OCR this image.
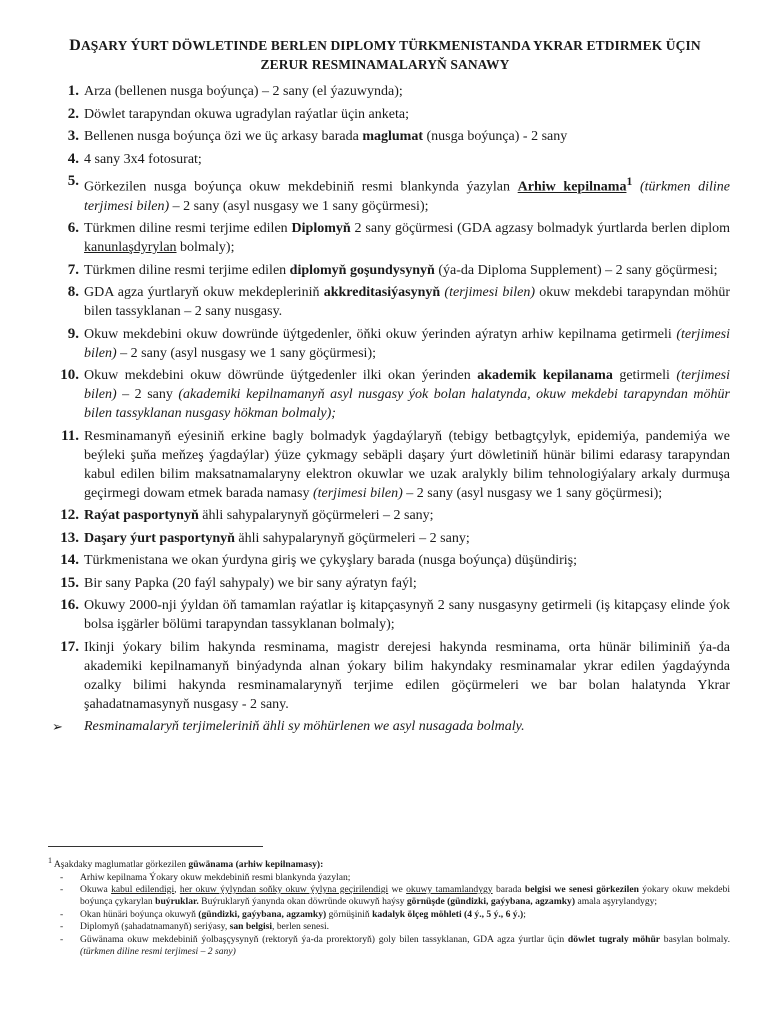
DAŞARY ÝURT DÖWLETINDE BERLEN DIPLOMY TÜRKMENISTANDA YKRAR ETDIRMEK ÜÇIN
ZERUR RESMINAMALARYŇ SANAWY
1. Arza (bellenen nusga boýunça) – 2 sany (el ýazuwynda);
2. Döwlet tarapyndan okuwa ugradylan raýatlar üçin anketa;
3. Bellenen nusga boýunça özi we üç arkasy barada maglumat (nusga boýunça) - 2 sany
4. 4 sany 3x4 fotosurat;
5. Görkezilen nusga boýunça okuw mekdebiniň resmi blankynda ýazylan Arhiw kepilnama$^1$ (türkmen diline terjimesi bilen) – 2 sany (asyl nusgasy we 1 sany göçürmesi);
6. Türkmen diline resmi terjime edilen Diplomyň 2 sany göçürmesi (GDA agzasy bolmadyk ýurtlarda berlen diplom kanunlaşdyrylan bolmaly);
7. Türkmen diline resmi terjime edilen diplomyň goşundysynyň (ýa-da Diploma Supplement) – 2 sany göçürmesi;
8. GDA agza ýurtlaryň okuw mekdepleriniň akkreditasiýasynyň (terjimesi bilen) okuw mekdebi tarapyndan möhür bilen tassyklanan – 2 sany nusgasy.
9. Okuw mekdebini okuw dowründe üýtgedenler, öňki okuw ýerinden aýratyn arhiw kepilnama getirmeli (terjimesi bilen) – 2 sany (asyl nusgasy we 1 sany göçürmesi);
10. Okuw mekdebini okuw döwründe üýtgedenler ilki okan ýerinden akademik kepilanama getirmeli (terjimesi bilen) – 2 sany (akademiki kepilnamanyň asyl nusgasy ýok bolan halatynda, okuw mekdebi tarapyndan möhür bilen tassyklanan nusgasy hökman bolmaly);
11. Resminamanyň eýesiniň erkine bagly bolmadyk ýagdaýlaryň (tebigy betbagtçylyk, epidemiýa, pandemiýa we beýleki şuňa meňzeş ýagdaýlar) ýüze çykmagy sebäpli daşary ýurt döwletiniň hünär bilimi edarasy tarapyndan kabul edilen bilim maksatnamalaryny elektron okuwlar we uzak aralykly bilim tehnologiýalary arkaly durmuşa geçirmegi dowam etmek barada namasy (terjimesi bilen) – 2 sany (asyl nusgasy we 1 sany göçürmesi);
12. Raýat pasportynyň ähli sahypalarynyň göçürmeleri – 2 sany;
13. Daşary ýurt pasportynyň ähli sahypalarynyň göçürmeleri – 2 sany;
14. Türkmenistana we okan ýurdyna giriş we çykyşlary barada (nusga boýunça) düşündiriş;
15. Bir sany Papka (20 faýl sahypaly) we bir sany aýratyn faýl;
16. Okuwy 2000-nji ýyldan öň tamamlan raýatlar iş kitapçasynyň 2 sany nusgasyny getirmeli (iş kitapçasy elinde ýok bolsa işgärler bölümi tarapyndan tassyklanan bolmaly);
17. Ikinji ýokary bilim hakynda resminama, magistr derejesi hakynda resminama, orta hünär biliminiň ýa-da akademiki kepilnamanyň binýadynda alnan ýokary bilim hakyndaky resminamalar ykrar edilen ýagdaýynda ozalky bilimi hakynda resminamalarynyň terjime edilen göçürmeleri we bar bolan halatynda Ykrar şahadatnamasynyň nusgasy - 2 sany.
➢ Resminamalaryň terjimeleriniň ähli sy möhürlenen we asyl nusagada bolmaly.
$^1$ Aşakdaky maglumatlar görkezilen güwänama (arhiw kepilnamasy):
- Arhiw kepilnama Ýokary okuw mekdebiniň resmi blankynda ýazylan;
- Okuwa kabul edilendigi, her okuw ýylyndan soňky okuw ýylyna geçirilendigi we okuwy tamamlandygy barada belgisi we senesi görkezilen ýokary okuw mekdebi boýunça çykarylan buýruklar. Buýruklaryň ýanynda okan döwründe okuwyň haýsy görnüşde (gündizki, gaýybana, agzamky) amala aşyrylandygy;
- Okan hünäri boýunça okuwyň (gündizki, gaýybana, agzamky) görnüşiniň kadalyk ölçeg möhleti (4 ý., 5 ý., 6 ý.);
- Diplomyň (şahadatnamanyň) seriýasy, san belgisi, berlen senesi.
- Güwänama okuw mekdebiniň ýolbaşçysynyň (rektoryň ýa-da prorektoryň) goly bilen tassyklanan, GDA agza ýurtlar üçin döwlet tugraly möhür basylan bolmaly. (türkmen diline resmi terjimesi – 2 sany)
